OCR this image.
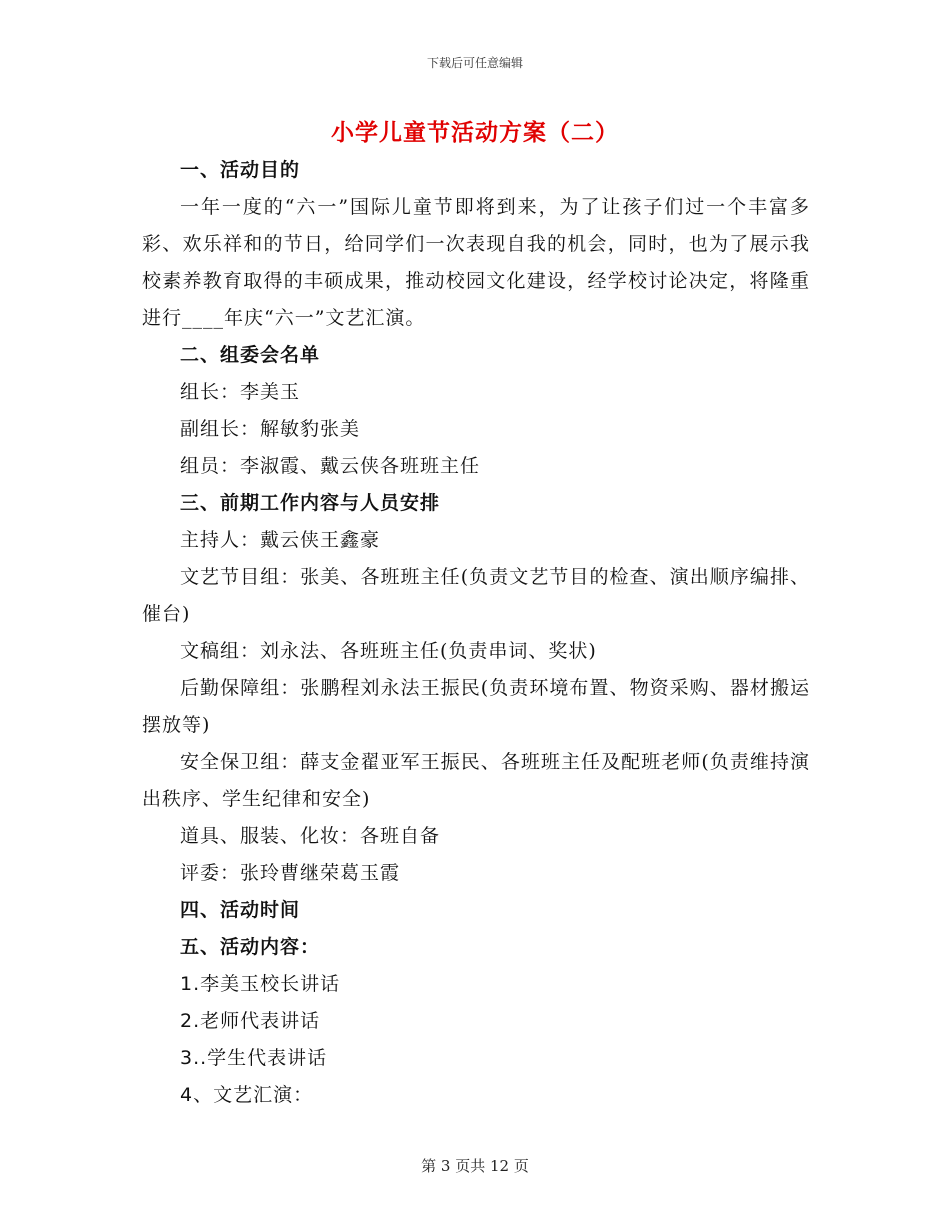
下载后可任意编辑
小学儿童节活动方案（二）

一、活动目的

一年一度的“六一”国际儿童节即将到来，为了让孩子们过一个丰富多彩、欢乐祥和的节日，给同学们一次表现自我的机会，同时，也为了展示我校素养教育取得的丰硕成果，推动校园文化建设，经学校讨论决定，将隆重进行____年庆“六一”文艺汇演。

二、组委会名单

组长：李美玉

副组长：解敏豹张美

组员：李淑霞、戴云侠各班班主任

三、前期工作内容与人员安排

主持人：戴云侠王鑫豪

文艺节目组：张美、各班班主任(负责文艺节目的检查、演出顺序编排、催台)

文稿组：刘永法、各班班主任(负责串词、奖状)

后勤保障组：张鹏程刘永法王振民(负责环境布置、物资采购、器材搬运摆放等)

安全保卫组：薛支金翟亚军王振民、各班班主任及配班老师(负责维持演出秩序、学生纪律和安全)

道具、服装、化妆：各班自备

评委：张玲曹继荣葛玉霞

四、活动时间

五、活动内容：

1.李美玉校长讲话

2.老师代表讲话

3..学生代表讲话

4、文艺汇演：

第 3 页共 12 页
